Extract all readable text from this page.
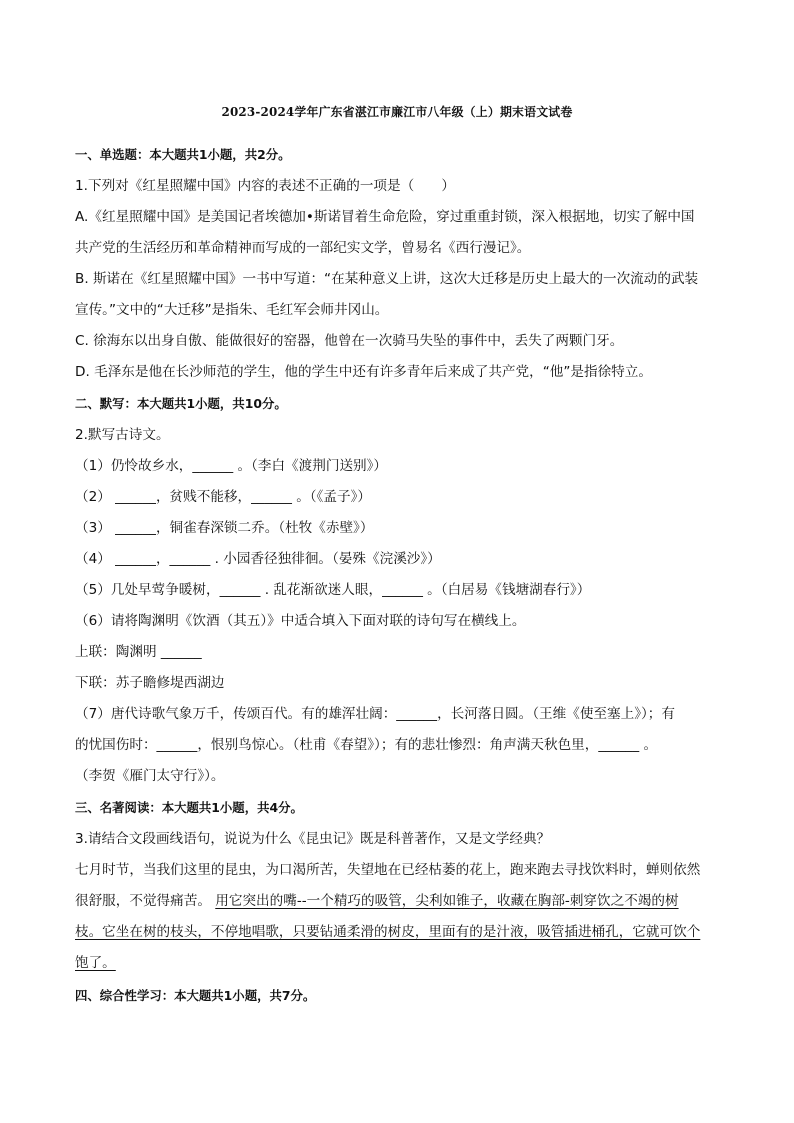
2023-2024学年广东省湛江市廉江市八年级（上）期末语文试卷
一、单选题：本大题共1小题，共2分。
1.下列对《红星照耀中国》内容的表述不正确的一项是（　　）
A.《红星照耀中国》是美国记者埃德加•斯诺冒着生命危险，穿过重重封锁，深入根据地，切实了解中国
共产党的生活经历和革命精神而写成的一部纪实文学，曾易名《西行漫记》。
B. 斯诺在《红星照耀中国》一书中写道：“在某种意义上讲，这次大迁移是历史上最大的一次流动的武装
宣传。”文中的“大迁移”是指朱、毛红军会师井冈山。
C. 徐海东以出身自傲、能做很好的窑器，他曾在一次骑马失坠的事件中，丢失了两颗门牙。
D. 毛泽东是他在长沙师范的学生，他的学生中还有许多青年后来成了共产党，“他”是指徐特立。
二、默写：本大题共1小题，共10分。
2.默写古诗文。
（1）仍怜故乡水，______ 。（李白《渡荆门送别》）
（2） ______，贫贱不能移，______ 。（《孟子》）
（3） ______，铜雀春深锁二乔。（杜牧《赤壁》）
（4） ______，______ . 小园香径独徘徊。（晏殊《浣溪沙》）
（5）几处早莺争暖树，______ . 乱花渐欲迷人眼，______ 。（白居易《钱塘湖春行》）
（6）请将陶渊明《饮酒（其五）》中适合填入下面对联的诗句写在横线上。
上联：陶渊明 ______
下联：苏子瞻修堤西湖边
（7）唐代诗歌气象万千，传颂百代。有的雄浑壮阔：______，长河落日圆。（王维《使至塞上》）；有
的忧国伤时：______，恨别鸟惊心。（杜甫《春望》）；有的悲壮惨烈：角声满天秋色里，______ 。
（李贺《雁门太守行》）。
三、名著阅读：本大题共1小题，共4分。
3.请结合文段画线语句，说说为什么《昆虫记》既是科普著作，又是文学经典？
七月时节，当我们这里的昆虫，为口渴所苦，失望地在已经枯萎的花上，跑来跑去寻找饮料时，蝉则依然
很舒服，不觉得痛苦。 用它突出的嘴--一个精巧的吸管，尖利如锥子，收藏在胸部-刺穿饮之不竭的树
枝。它坐在树的枝头，不停地唱歌，只要钻通柔滑的树皮，里面有的是汁液，吸管插进桶孔，它就可饮个
饱了。
四、综合性学习：本大题共1小题，共7分。
